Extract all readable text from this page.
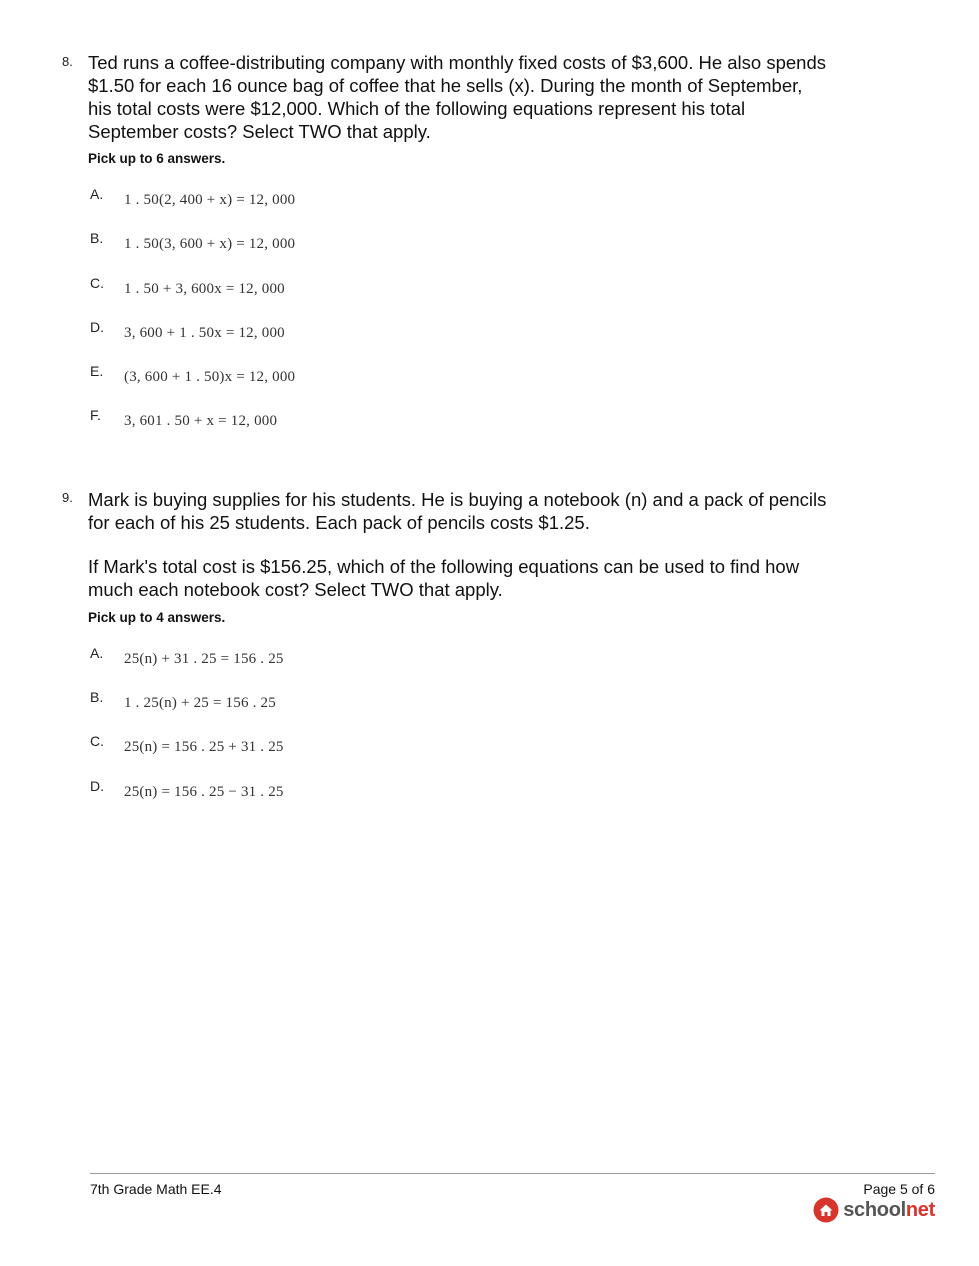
8. Ted runs a coffee-distributing company with monthly fixed costs of $3,600. He also spends $1.50 for each 16 ounce bag of coffee that he sells (x). During the month of September, his total costs were $12,000. Which of the following equations represent his total September costs? Select TWO that apply.

Pick up to 6 answers.
A. 1 . 50(2, 400 + x) = 12, 000
B. 1 . 50(3, 600 + x) = 12, 000
C. 1 . 50 + 3, 600x = 12, 000
D. 3, 600 + 1 . 50x = 12, 000
E. (3, 600 + 1 . 50)x = 12, 000
F. 3, 601 . 50 + x = 12, 000
9. Mark is buying supplies for his students. He is buying a notebook (n) and a pack of pencils for each of his 25 students. Each pack of pencils costs $1.25.

If Mark's total cost is $156.25, which of the following equations can be used to find how much each notebook cost? Select TWO that apply.

Pick up to 4 answers.
A. 25(n) + 31 . 25 = 156 . 25
B. 1 . 25(n) + 25 = 156 . 25
C. 25(n) = 156 . 25 + 31 . 25
D. 25(n) = 156 . 25 − 31 . 25
7th Grade Math EE.4	Page 5 of 6
schoolnet
